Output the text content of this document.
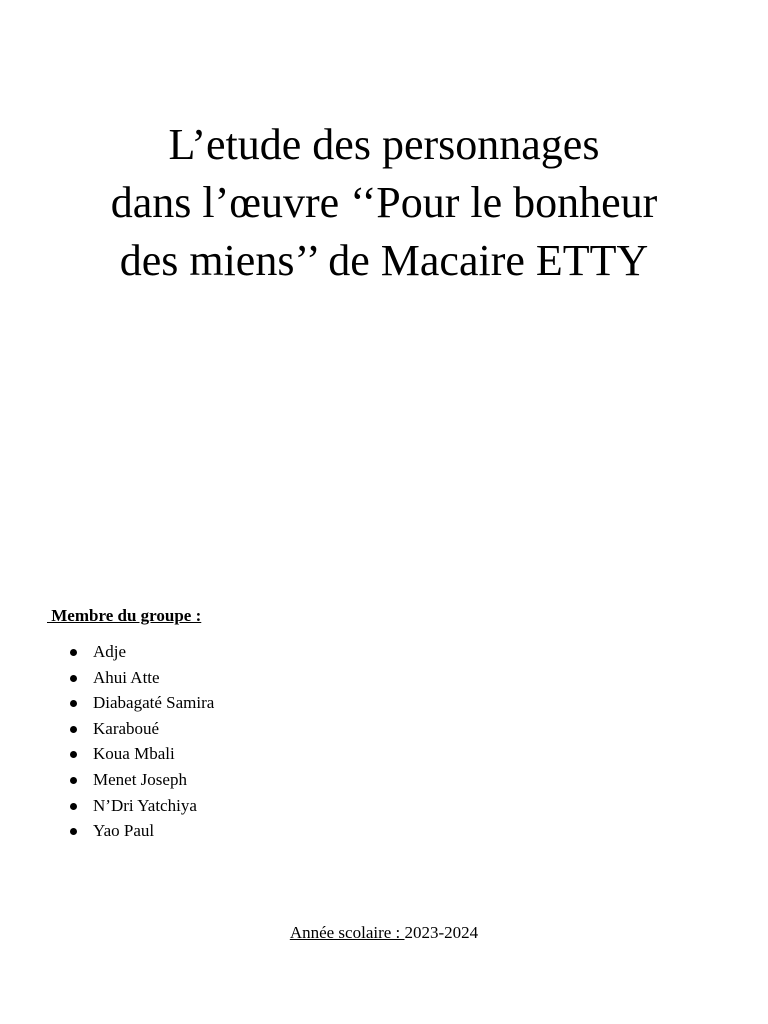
L’etude des personnages
dans l’œuvre ‘‘Pour le bonheur
des miens’’ de Macaire ETTY
Membre du groupe :
Adje
Ahui Atte
Diabagaté Samira
Karaboué
Koua Mbali
Menet Joseph
N’Dri Yatchiya
Yao Paul
Année scolaire : 2023-2024
